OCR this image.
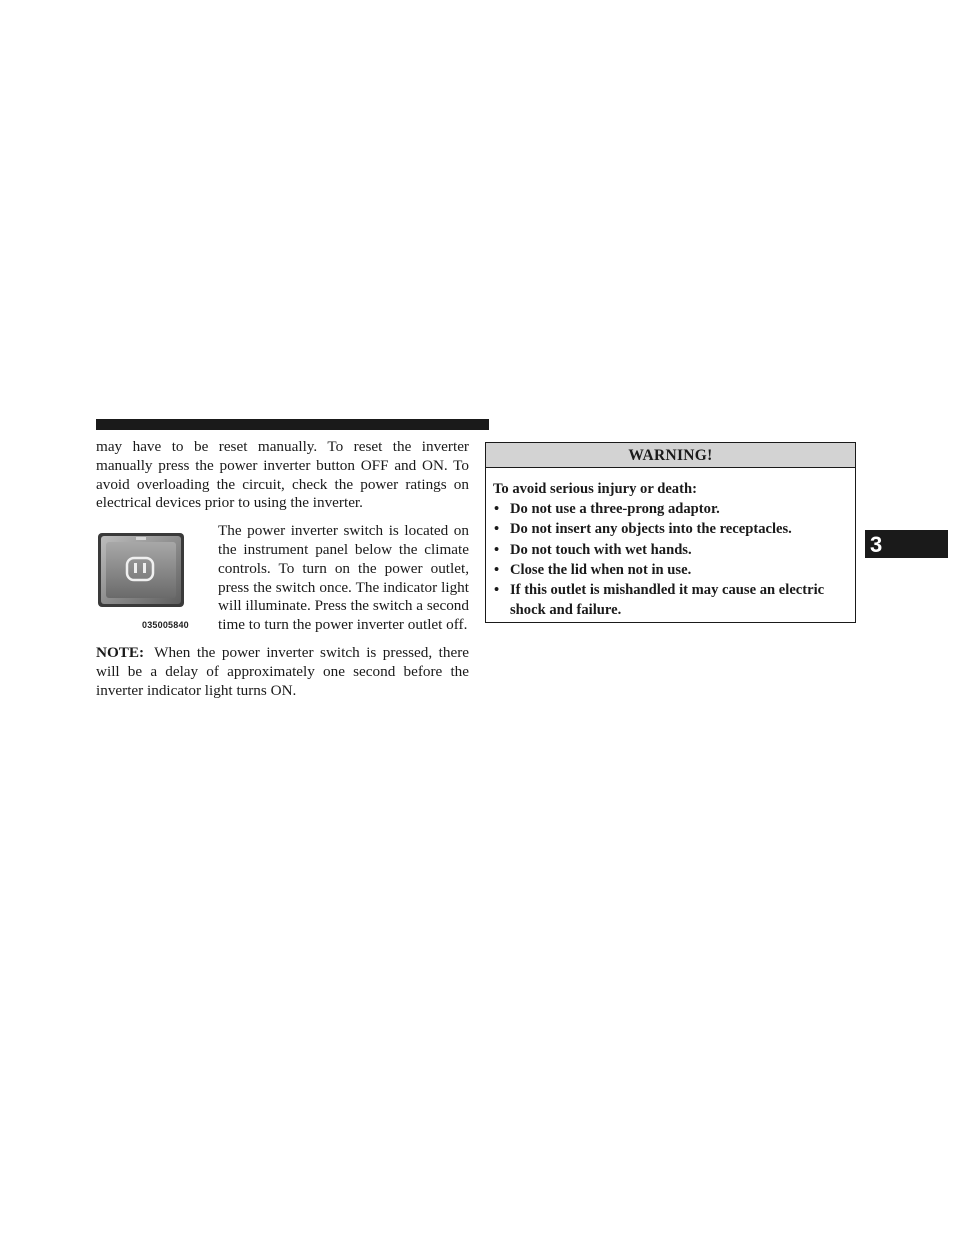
may have to be reset manually. To reset the inverter manually press the power inverter button OFF and ON. To avoid overloading the circuit, check the power ratings on electrical devices prior to using the inverter.

035005840

The power inverter switch is located on the instrument panel below the climate controls. To turn on the power outlet, press the switch once. The indicator light will illuminate. Press the switch a second time to turn the power inverter outlet off.

NOTE: When the power inverter switch is pressed, there will be a delay of approximately one second before the inverter indicator light turns ON.

WARNING!

To avoid serious injury or death:

• Do not use a three-prong adaptor.
• Do not insert any objects into the receptacles.
• Do not touch with wet hands.
• Close the lid when not in use.
• If this outlet is mishandled it may cause an electric shock and failure.
3
